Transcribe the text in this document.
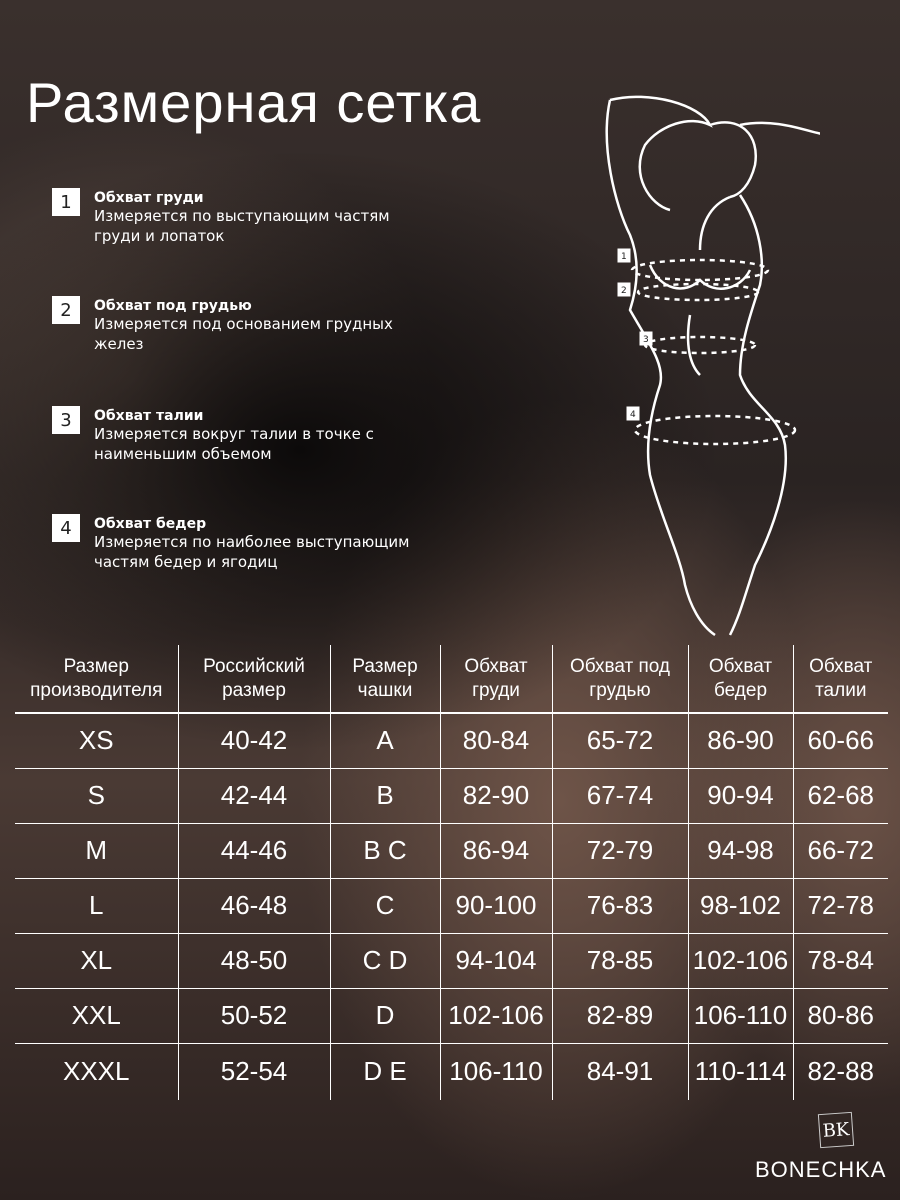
Размерная сетка
1	Обхват груди
Измеряется по выступающим частям груди и лопаток
2	Обхват под грудью
Измеряется под основанием грудных желез
3	Обхват талии
Измеряется вокруг талии в точке с наименьшим объемом
4	Обхват бедер
Измеряется по наиболее выступающим частям бедер и ягодиц
1
2
3
4
Размер производителя	Российский размер	Размер чашки	Обхват груди	Обхват под грудью	Обхват бедер	Обхват талии
XS	40-42	A	80-84	65-72	86-90	60-66
S	42-44	B	82-90	67-74	90-94	62-68
M	44-46	B C	86-94	72-79	94-98	66-72
L	46-48	C	90-100	76-83	98-102	72-78
XL	48-50	C D	94-104	78-85	102-106	78-84
XXL	50-52	D	102-106	82-89	106-110	80-86
XXXL	52-54	D E	106-110	84-91	110-114	82-88
BK
BONECHKA
